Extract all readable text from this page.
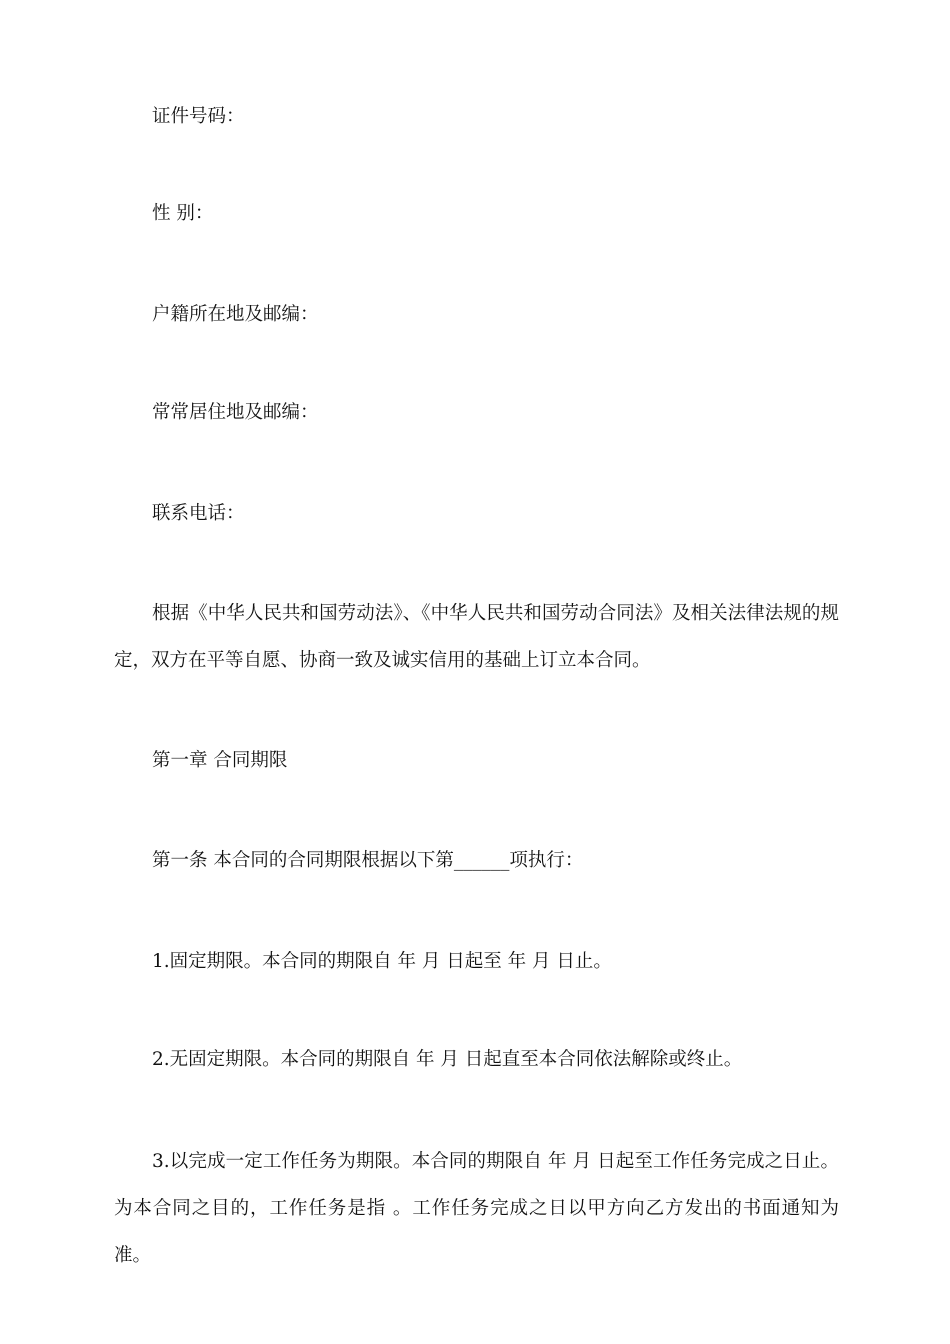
证件号码：
性 别：
户籍所在地及邮编：
常常居住地及邮编：
联系电话：
根据《中华人民共和国劳动法》、《中华人民共和国劳动合同法》及相关法律法规的规定，双方在平等自愿、协商一致及诚实信用的基础上订立本合同。
第一章 合同期限
第一条 本合同的合同期限根据以下第______项执行：
1.固定期限。本合同的期限自 年 月 日起至 年 月 日止。
2.无固定期限。本合同的期限自 年 月 日起直至本合同依法解除或终止。
3.以完成一定工作任务为期限。本合同的期限自 年 月 日起至工作任务完成之日止。为本合同之目的，工作任务是指 。工作任务完成之日以甲方向乙方发出的书面通知为准。
